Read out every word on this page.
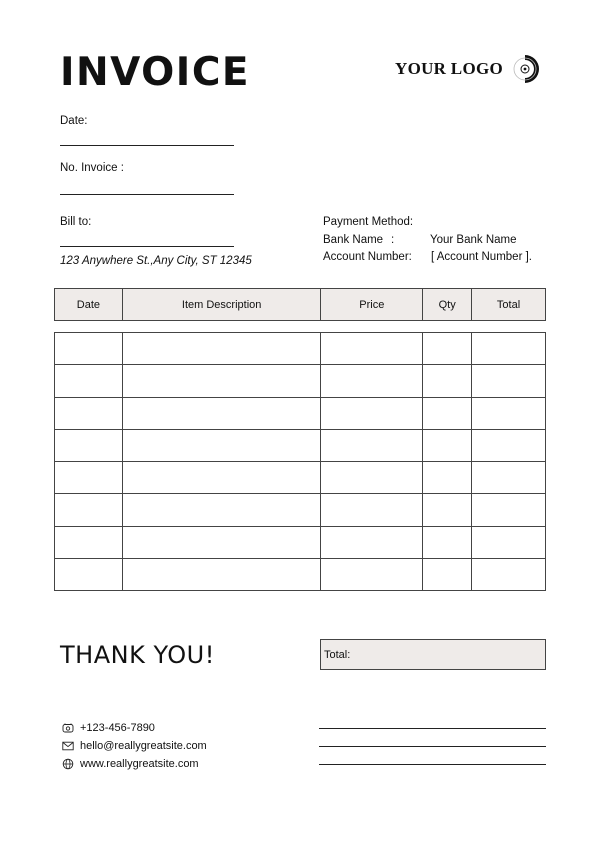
INVOICE	YOUR LOGO
Date:
No. Invoice :
Bill to:
123 Anywhere St.,Any City, ST 12345
Payment Method:
Bank Name :	Your Bank Name
Account Number: [ Account Number ].
Date	Item Description	Price	Qty	Total

THANK YOU!	Total:
+123-456-7890
hello@reallygreatsite.com
www.reallygreatsite.com
